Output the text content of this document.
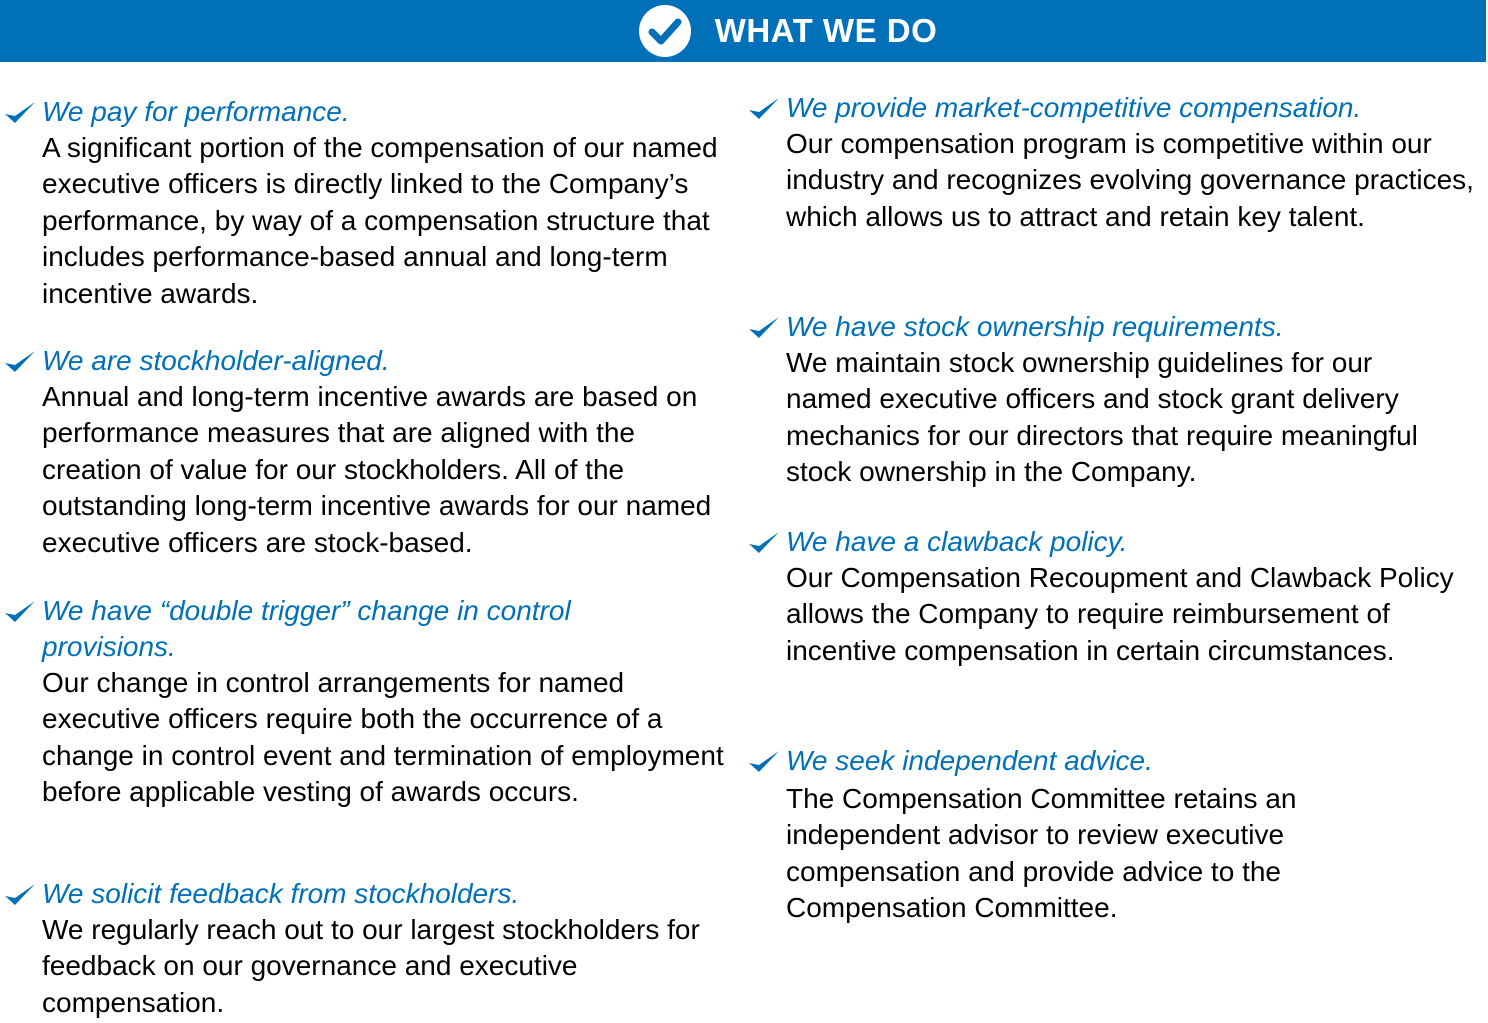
WHAT WE DO
We pay for performance.
A significant portion of the compensation of our named executive officers is directly linked to the Company’s performance, by way of a compensation structure that includes performance-based annual and long-term incentive awards.
We are stockholder-aligned.
Annual and long-term incentive awards are based on performance measures that are aligned with the creation of value for our stockholders. All of the outstanding long-term incentive awards for our named executive officers are stock-based.
We have “double trigger” change in control provisions.
Our change in control arrangements for named executive officers require both the occurrence of a change in control event and termination of employment before applicable vesting of awards occurs.
We solicit feedback from stockholders.
We regularly reach out to our largest stockholders for feedback on our governance and executive compensation.
We provide market-competitive compensation.
Our compensation program is competitive within our industry and recognizes evolving governance practices, which allows us to attract and retain key talent.
We have stock ownership requirements.
We maintain stock ownership guidelines for our named executive officers and stock grant delivery mechanics for our directors that require meaningful stock ownership in the Company.
We have a clawback policy.
Our Compensation Recoupment and Clawback Policy allows the Company to require reimbursement of incentive compensation in certain circumstances.
We seek independent advice.
The Compensation Committee retains an independent advisor to review executive compensation and provide advice to the Compensation Committee.
